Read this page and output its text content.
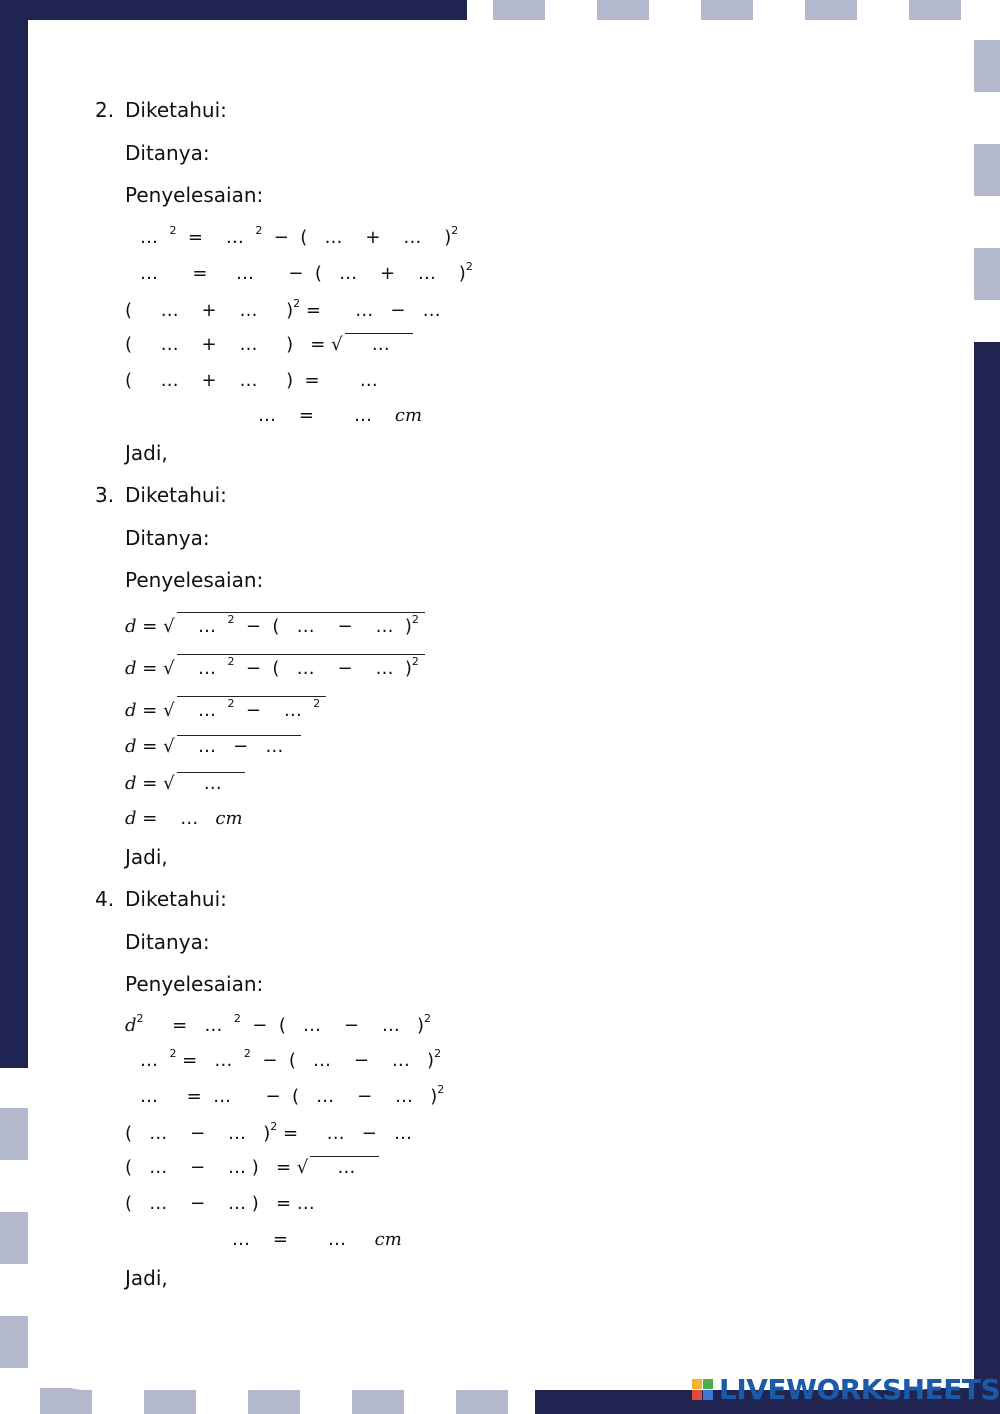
2. Diketahui:
Ditanya:
Penyelesaian:
…  $^2$  =    …  $^2$  −  (   …    +    …    )$^2$
…      =     …      −  (   …    +    …    )$^2$
(     …    +    …     )$^2$ =      …   −   …
(     …    +    …     )   = √   …
(     …    +    …     )  =       …
…    =       …    cm
Jadi,
3. Diketahui:
Ditanya:
Penyelesaian:
d = √  …  $^2$  −  (   …    −    …  )$^2$
d = √  …  $^2$  −  (   …    −    …  )$^2$
d = √  …  $^2$  −    …  $^2$
d = √  …   −   …
d = √   …
d =    …   cm
Jadi,
4. Diketahui:
Ditanya:
Penyelesaian:
$d^2$     =   …  $^2$  −  (   …    −    …   )$^2$
…  $^2$ =   …  $^2$  −  (   …    −    …   )$^2$
…     =  …      −  (   …    −    …   )$^2$
(   …    −    …   )$^2$ =     …   −   …
(   …    −    … )   = √   …
(   …    −    … )   = …
…    =       …     cm
Jadi,
LIVEWORKSHEETS
